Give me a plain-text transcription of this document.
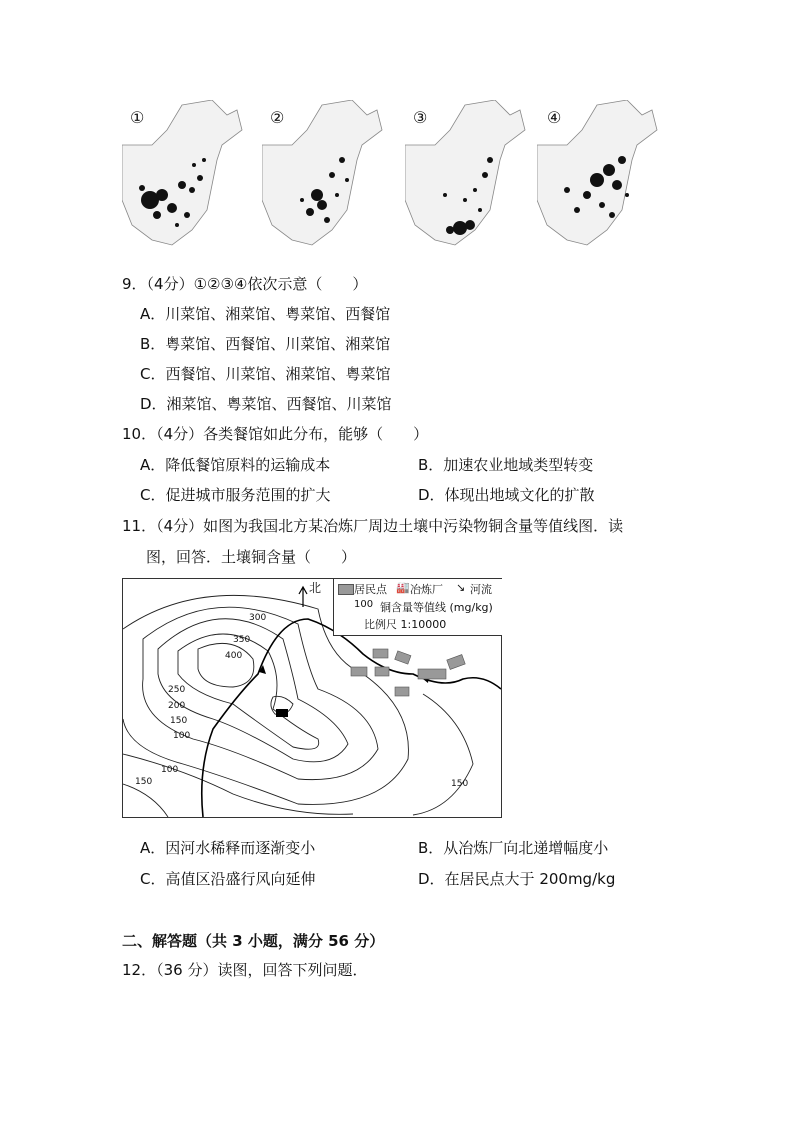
①	②	③	④
9．（4分）①②③④依次示意（　　）
A．川菜馆、湘菜馆、粤菜馆、西餐馆
B．粤菜馆、西餐馆、川菜馆、湘菜馆
C．西餐馆、川菜馆、湘菜馆、粤菜馆
D．湘菜馆、粤菜馆、西餐馆、川菜馆
10．（4分）各类餐馆如此分布，能够（　　）
A．降低餐馆原料的运输成本	B．加速农业地域类型转变
C．促进城市服务范围的扩大	D．体现出地域文化的扩散
11．（4分）如图为我国北方某冶炼厂周边土壤中污染物铜含量等值线图．读
图，回答．土壤铜含量（　　）
北
300
350
400
250
200
150
100
100
150	150
居民点 🏭 冶炼厂 ↘ 河流
100 铜含量等值线 (mg/kg)
比例尺 1:10000
A．因河水稀释而逐渐变小	B．从冶炼厂向北递增幅度小
C．高值区沿盛行风向延伸	D．在居民点大于 200mg/kg
二、解答题（共 3 小题，满分 56 分）
12．（36 分）读图，回答下列问题．
